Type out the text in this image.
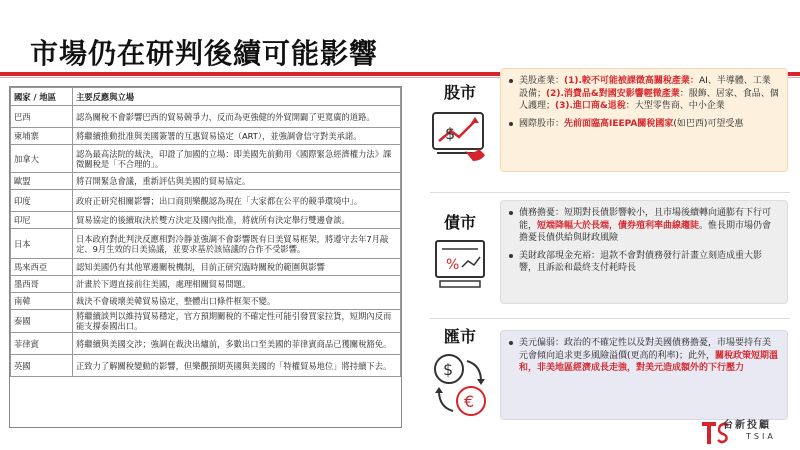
市場仍在研判後續可能影響
國家 / 地區	主要反應與立場
巴西	認為關稅不會影響巴西的貿易競爭力，反而為更強健的外貿開闢了更寬廣的道路。
柬埔寨	將繼續推動批准與美國簽署的互惠貿易協定（ART），並強調會信守對美承諾。
加拿大	認為最高法院的裁決，印證了加國的立場：即美國先前動用《國際緊急經濟權力法》課徵關稅是「不合理的」。
歐盟	將召開緊急會議，重新評估與美國的貿易協定。
印度	政府正研究相關影響；出口商則樂觀認為現在「大家都在公平的競爭環境中」。
印尼	貿易協定的後續取決於雙方決定及國內批准，將就所有決定舉行雙邊會談。
日本	日本政府對此判決反應相對冷靜並強調不會影響既有日美貿易框架，將遵守去年7月敲定、9月生效的日美協議，並要求基於該協議的合作不受影響。
馬來西亞	認知美國仍有其他單邊關稅機制，目前正研究臨時關稅的範圍與影響
墨西哥	計畫於下週直接前往美國，處理相關貿易問題。
南韓	裁決不會破壞美韓貿易協定，整體出口條件框架不變。
泰國	將繼續談判以維持貿易穩定，官方預期關稅的不確定性可能引發買家拉貨，短期內反而能支撐泰國出口。
菲律賓	將繼續與美國交涉；強調在裁決出爐前，多數出口至美國的菲律賓商品已獲關稅豁免。
英國	正致力了解關稅變動的影響，但樂觀預期英國與美國的「特權貿易地位」將持續下去。
股市
$
債市
%
匯市
$
€
美股產業：(1).較不可能被課徵高關稅產業：AI、半導體、工業設備；(2).消費品&對國安影響輕微產業：服飾、居家、食品、個人護理；(3).進口商&退稅：大型零售商、中小企業
國際股市：先前面臨高IEEPA關稅國家(如巴西)可望受惠
債務擔憂：短期對長債影響較小，且市場後續轉向通膨有下行可能，短端降幅大於長端，債券殖利率曲線趨陡。惟長期市場仍會擔憂長債供給與財政風險
美財政部現金充裕：退款不會對債務發行計畫立刻造成重大影響，且訴訟和最終支付耗時長
美元偏弱：政治的不確定性以及對美國債務擔憂，市場要持有美元會傾向追求更多風險溢價(更高的利率)；此外，關稅政策短期溫和，非美地區經濟成長走強，對美元造成額外的下行壓力
台新投顧
TSIA
